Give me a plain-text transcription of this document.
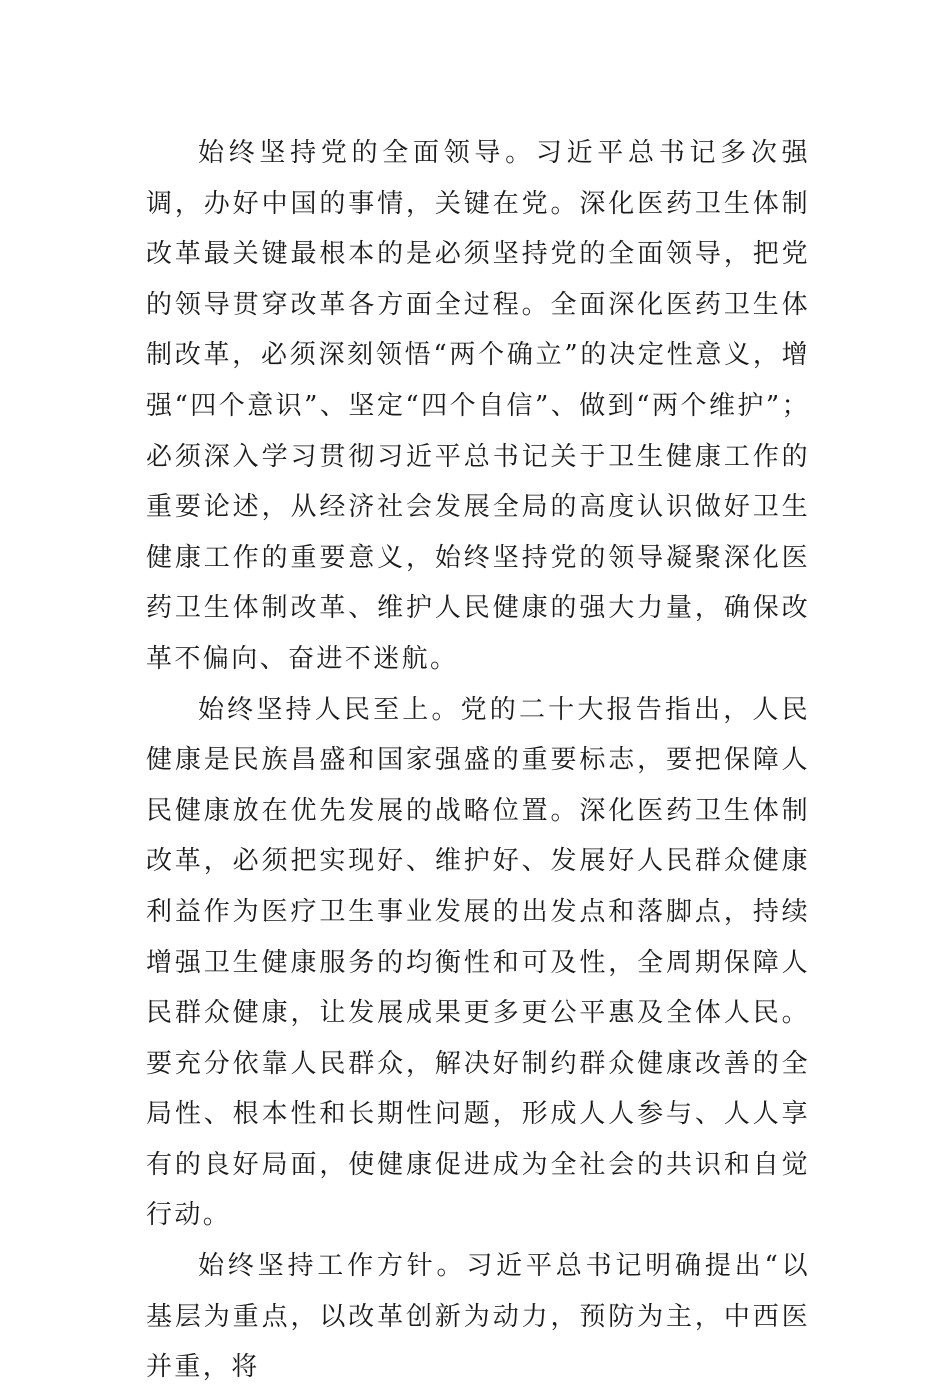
始终坚持党的全面领导。习近平总书记多次强调，办好中国的事情，关键在党。深化医药卫生体制改革最关键最根本的是必须坚持党的全面领导，把党的领导贯穿改革各方面全过程。全面深化医药卫生体制改革，必须深刻领悟“两个确立”的决定性意义，增强“四个意识”、坚定“四个自信”、做到“两个维护”；必须深入学习贯彻习近平总书记关于卫生健康工作的重要论述，从经济社会发展全局的高度认识做好卫生健康工作的重要意义，始终坚持党的领导凝聚深化医药卫生体制改革、维护人民健康的强大力量，确保改革不偏向、奋进不迷航。

始终坚持人民至上。党的二十大报告指出，人民健康是民族昌盛和国家强盛的重要标志，要把保障人民健康放在优先发展的战略位置。深化医药卫生体制改革，必须把实现好、维护好、发展好人民群众健康利益作为医疗卫生事业发展的出发点和落脚点，持续增强卫生健康服务的均衡性和可及性，全周期保障人民群众健康，让发展成果更多更公平惠及全体人民。要充分依靠人民群众，解决好制约群众健康改善的全局性、根本性和长期性问题，形成人人参与、人人享有的良好局面，使健康促进成为全社会的共识和自觉行动。

始终坚持工作方针。习近平总书记明确提出“以基层为重点，以改革创新为动力，预防为主，中西医并重，将
